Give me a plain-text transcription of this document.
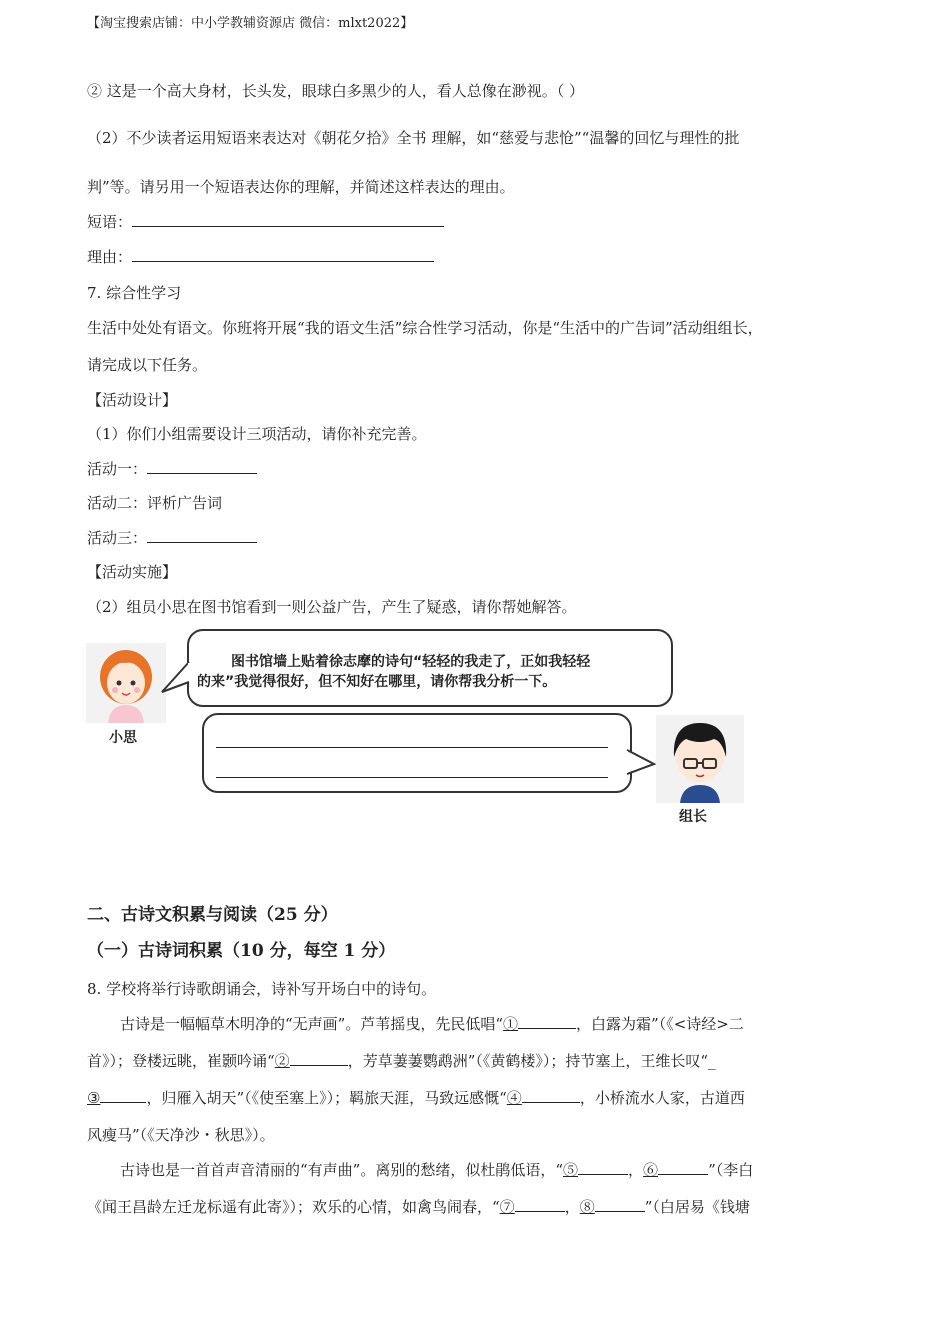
【淘宝搜索店铺：中小学教辅资源店 微信：mlxt2022】
② 这是一个高大身材，长头发，眼球白多黑少的人，看人总像在渺视。（ ）
（2）不少读者运用短语来表达对《朝花夕拾》全书 理解，如“慈爱与悲怆”“温馨的回忆与理性的批
判”等。请另用一个短语表达你的理解，并简述这样表达的理由。
短语：
理由：
7. 综合性学习
生活中处处有语文。你班将开展“我的语文生活”综合性学习活动，你是“生活中的广告词”活动组组长，
请完成以下任务。
【活动设计】
（1）你们小组需要设计三项活动，请你补充完善。
活动一：
活动二：评析广告词
活动三：
【活动实施】
（2）组员小思在图书馆看到一则公益广告，产生了疑惑，请你帮她解答。
小思
图书馆墙上贴着徐志摩的诗句“轻轻的我走了，正如我轻轻
的来”我觉得很好，但不知好在哪里，请你帮我分析一下。
组长
二、古诗文积累与阅读（25 分）
（一）古诗词积累（10 分，每空 1 分）
8. 学校将举行诗歌朗诵会，诗补写开场白中的诗句。
古诗是一幅幅草木明净的“无声画”。芦苇摇曳，先民低唱“①	，白露为霜”（《<诗经>二
首》）；登楼远眺，崔颢吟诵“②	，芳草萋萋鹦鹉洲”（《黄鹤楼》）；持节塞上，王维长叹“_
③	，归雁入胡天”（《使至塞上》）；羁旅天涯，马致远感慨“④	，小桥流水人家，古道西
风瘦马”（《天净沙・秋思》）。
古诗也是一首首声音清丽的“有声曲”。离别的愁绪，似杜鹃低语，“⑤	，⑥	”（李白
《闻王昌龄左迁龙标遥有此寄》）；欢乐的心情，如禽鸟闹春，“⑦	，⑧	”（白居易《钱塘
